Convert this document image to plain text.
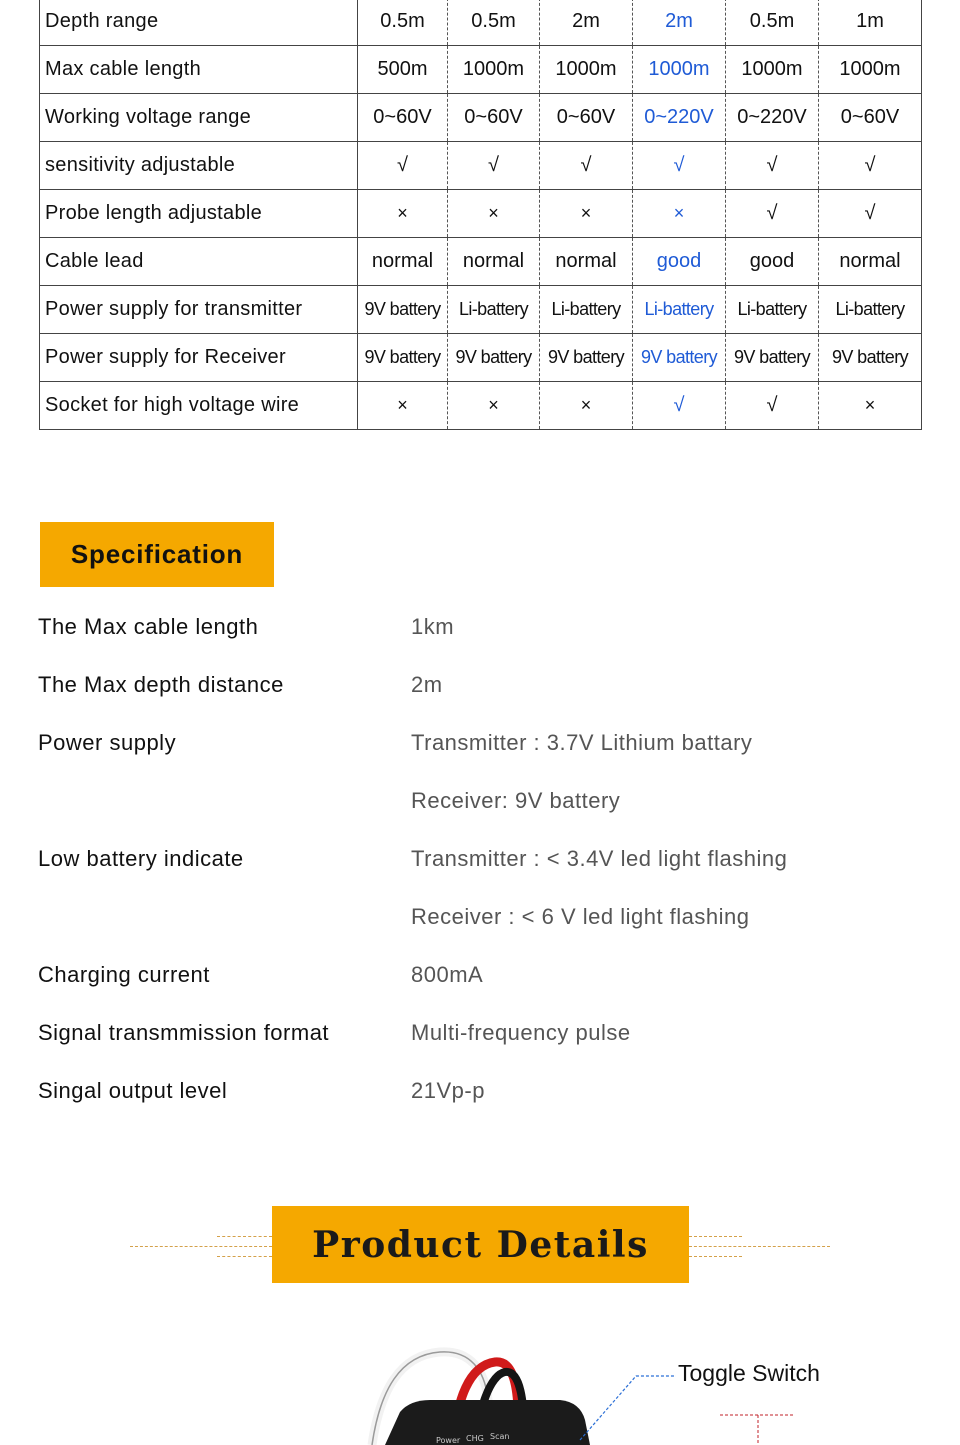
Depth range	0.5m	0.5m	2m	2m	0.5m	1m
Max cable length	500m	1000m	1000m	1000m	1000m	1000m
Working voltage range	0~60V	0~60V	0~60V	0~220V	0~220V	0~60V
sensitivity adjustable	√	√	√	√	√	√
Probe length adjustable	×	×	×	×	√	√
Cable lead	normal	normal	normal	good	good	normal
Power supply for transmitter	9V battery	Li-battery	Li-battery	Li-battery	Li-battery	Li-battery
Power supply for Receiver	9V battery	9V battery	9V battery	9V battery	9V battery	9V battery
Socket for high voltage wire	×	×	×	√	√	×
Specification
The Max cable length	1km
The Max depth distance	2m
Power supply	Transmitter : 3.7V Lithium battary
Receiver: 9V battery
Low battery indicate	Transmitter : < 3.4V led light flashing
Receiver : < 6 V led light flashing
Charging current	800mA
Signal transmmission format	Multi-frequency pulse
Singal output level	21Vp-p
Product Details
Power CHG Scan
Toggle Switch
